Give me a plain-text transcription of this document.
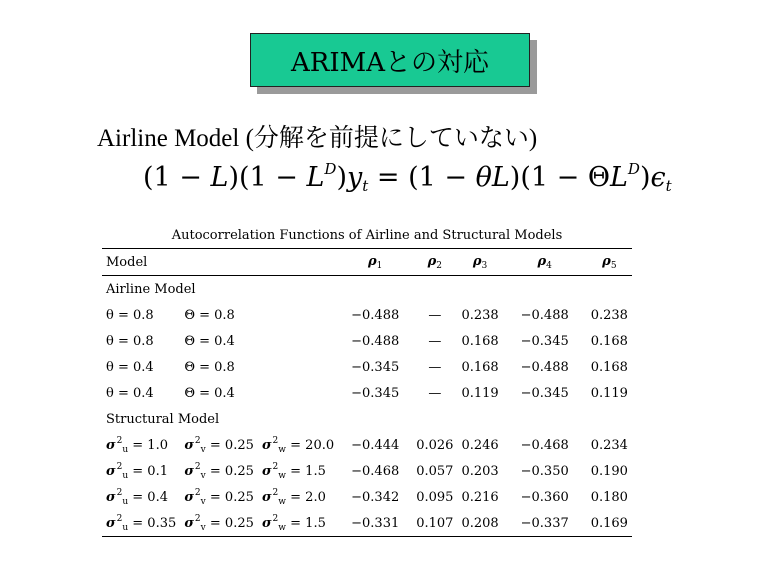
ARIMAとの対応
Airline Model (分解を前提にしていない)
$(1 - L)(1 - L^D)y_t = (1 - \theta L)(1 - \Theta L^D)\epsilon_t$
Autocorrelation Functions of Airline and Structural Models
Model			$\rho_1$	$\rho_2$	$\rho_3$	$\rho_4$	$\rho_5$
Airline Model							
θ = 0.8	Θ = 0.8		−0.488	—	0.238	−0.488	0.238
θ = 0.8	Θ = 0.4		−0.488	—	0.168	−0.345	0.168
θ = 0.4	Θ = 0.8		−0.345	—	0.168	−0.488	0.168
θ = 0.4	Θ = 0.4		−0.345	—	0.119	−0.345	0.119
Structural Model							
$\sigma^2_u = 1.0$	$\sigma^2_v = 0.25$	$\sigma^2_w = 20.0$	−0.444	0.026	0.246	−0.468	0.234
$\sigma^2_u = 0.1$	$\sigma^2_v = 0.25$	$\sigma^2_w = 1.5$	−0.468	0.057	0.203	−0.350	0.190
$\sigma^2_u = 0.4$	$\sigma^2_v = 0.25$	$\sigma^2_w = 2.0$	−0.342	0.095	0.216	−0.360	0.180
$\sigma^2_u = 0.35$	$\sigma^2_v = 0.25$	$\sigma^2_w = 1.5$	−0.331	0.107	0.208	−0.337	0.169
